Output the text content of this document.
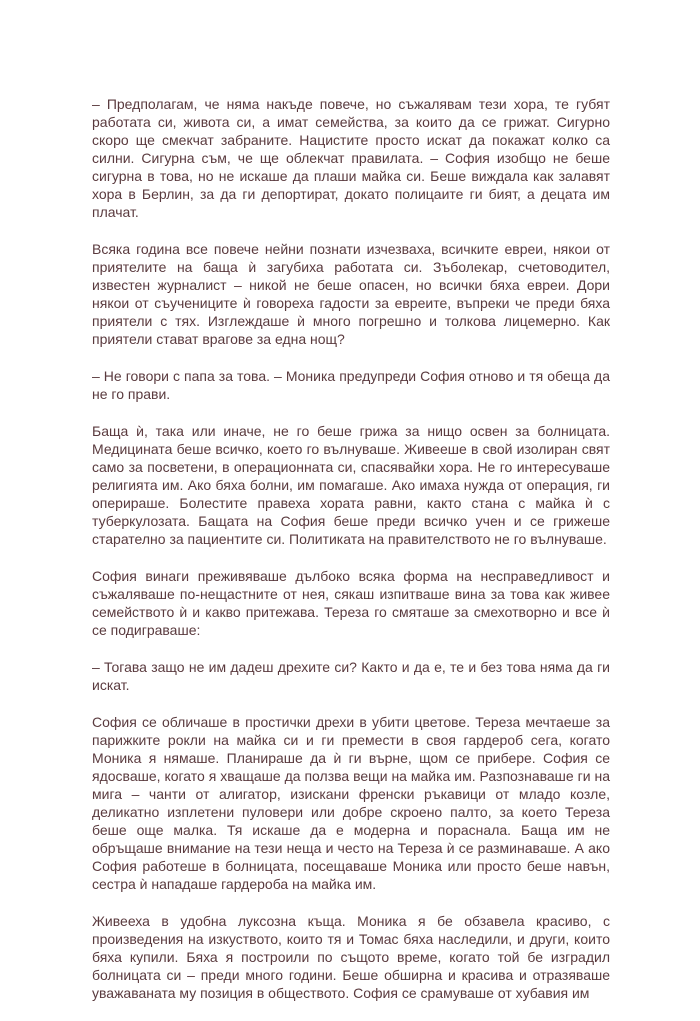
– Предполагам, че няма накъде повече, но съжалявам тези хора, те губят работата си, живота си, а имат семейства, за които да се грижат. Сигурно скоро ще смекчат забраните. Нацистите просто искат да покажат колко са силни. Сигурна съм, че ще облекчат правилата. – София изобщо не беше сигурна в това, но не искаше да плаши майка си. Беше виждала как залавят хора в Берлин, за да ги депортират, докато полицаите ги бият, а децата им плачат.

Всяка година все повече нейни познати изчезваха, всичките евреи, някои от приятелите на баща ѝ загубиха работата си. Зъболекар, счетоводител, известен журналист – никой не беше опасен, но всички бяха евреи. Дори някои от съучениците ѝ говореха гадости за евреите, въпреки че преди бяха приятели с тях. Изглеждаше ѝ много погрешно и толкова лицемерно. Как приятели стават врагове за една нощ?

– Не говори с папа за това. – Моника предупреди София отново и тя обеща да не го прави.

Баща ѝ, така или иначе, не го беше грижа за нищо освен за болницата. Медицината беше всичко, което го вълнуваше. Живееше в свой изолиран свят само за посветени, в операционната си, спасявайки хора. Не го интересуваше религията им. Ако бяха болни, им помагаше. Ако имаха нужда от операция, ги оперираше. Болестите правеха хората равни, както стана с майка ѝ с туберкулозата. Бащата на София беше преди всичко учен и се грижеше старателно за пациентите си. Политиката на правителството не го вълнуваше.

София винаги преживяваше дълбоко всяка форма на несправедливост и съжаляваше по-нещастните от нея, сякаш изпитваше вина за това как живее семейството ѝ и какво притежава. Тереза го смяташе за смехотворно и все ѝ се подиграваше:

– Тогава защо не им дадеш дрехите си? Както и да е, те и без това няма да ги искат.

София се обличаше в простички дрехи в убити цветове. Тереза мечтаеше за парижките рокли на майка си и ги премести в своя гардероб сега, когато Моника я нямаше. Планираше да ѝ ги върне, щом се прибере. София се ядосваше, когато я хващаше да ползва вещи на майка им. Разпознаваше ги на мига – чанти от алигатор, изискани френски ръкавици от младо козле, деликатно изплетени пуловери или добре скроено палто, за което Тереза беше още малка. Тя искаше да е модерна и порасналa. Баща им не обръщаше внимание на тези неща и често на Тереза ѝ се разминаваше. А ако София работеше в болницата, посещаваше Моника или просто беше навън, сестра ѝ нападаше гардероба на майка им.

Живееха в удобна луксозна къща. Моника я бе обзавела красиво, с произведения на изкуството, които тя и Томас бяха наследили, и други, които бяха купили. Бяха я построили по същото време, когато той бе изградил болницата си – преди много години. Беше обширна и красива и отразяваше уважаваната му позиция в обществото. София се срамуваше от хубавия им
